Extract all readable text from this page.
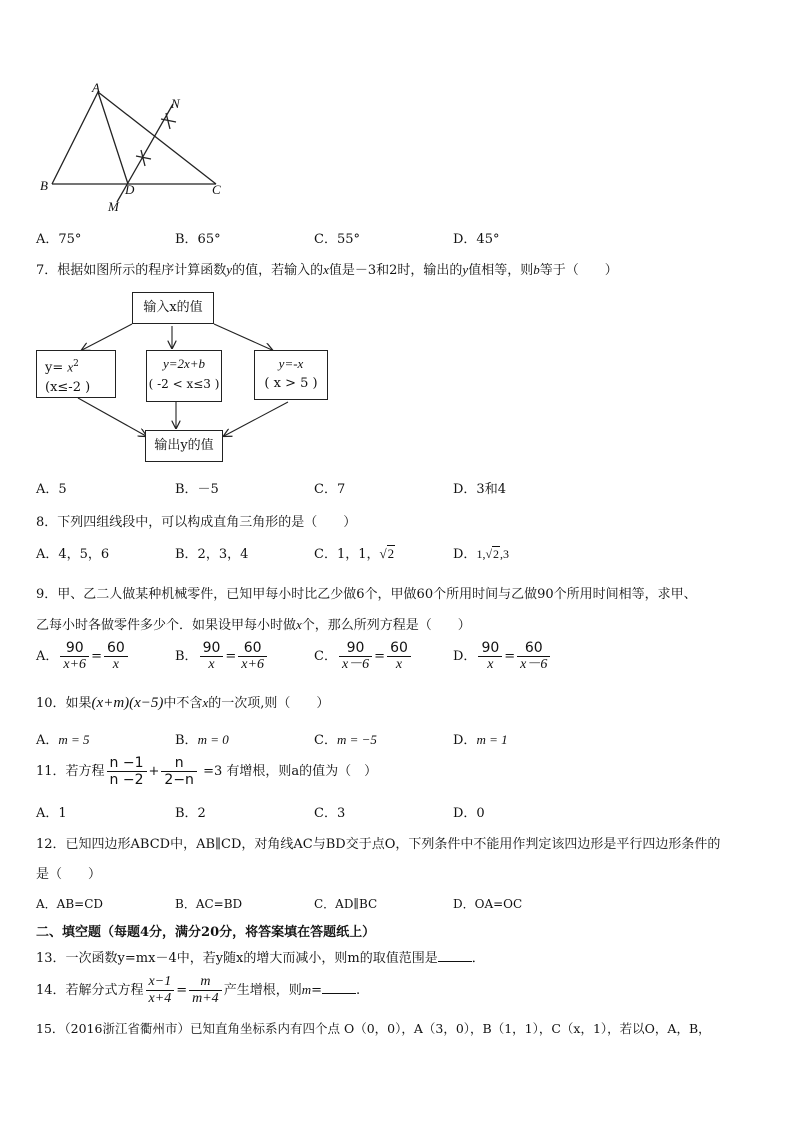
A
B	C
D
M
N
A．75°	B．65°	C．55°	D．45°
7．根据如图所示的程序计算函数y的值，若输入的x值是－3和2时，输出的y值相等，则b等于（　　）
输入x的值
$y= x^2$
(x≤-2 )
y=2x+b
( -2 < x≤3 )
y=-x
( x > 5 )
输出y的值
A．5	B．－5	C．7	D．3和4
8．下列四组线段中，可以构成直角三角形的是（　　）
A．4，5，6	B．2，3，4	C．1，1，√2	D．1,√2,3
9．甲、乙二人做某种机械零件，已知甲每小时比乙少做6个，甲做60个所用时间与乙做90个所用时间相等，求甲、
乙每小时各做零件多少个．如果设甲每小时做x个，那么所列方程是（　　）
A． $\frac{90}{x+6} = \frac{60}{x}$	B． $\frac{90}{x} = \frac{60}{x+6}$	C． $\frac{90}{x-6} = \frac{60}{x}$	D． $\frac{90}{x} = \frac{60}{x-6}$
10．如果(x+m)(x−5)中不含x的一次项,则（　　）
A．m = 5	B．m = 0	C．m = −5	D．m = 1
11．若方程 $\frac{n -1}{n -2} + \frac{n}{2-n} =3$ 有增根，则a的值为（　）
A．1	B．2	C．3	D．0
12．已知四边形ABCD中，AB∥CD，对角线AC与BD交于点O，下列条件中不能用作判定该四边形是平行四边形条件的
是（　　）
A．AB=CD	B．AC=BD	C．AD∥BC	D．OA=OC
二、填空题（每题4分，满分20分，将答案填在答题纸上）
13．一次函数y=mx－4中，若y随x的增大而减小，则m的取值范围是	．
14．若解分式方程 $\frac{x-1}{x+4} = \frac{m}{m+4}$ 产生增根，则m=	.
15．（2016浙江省衢州市）已知直角坐标系内有四个点 O（0，0），A（3，0），B（1，1），C（x，1），若以O，A，B，
